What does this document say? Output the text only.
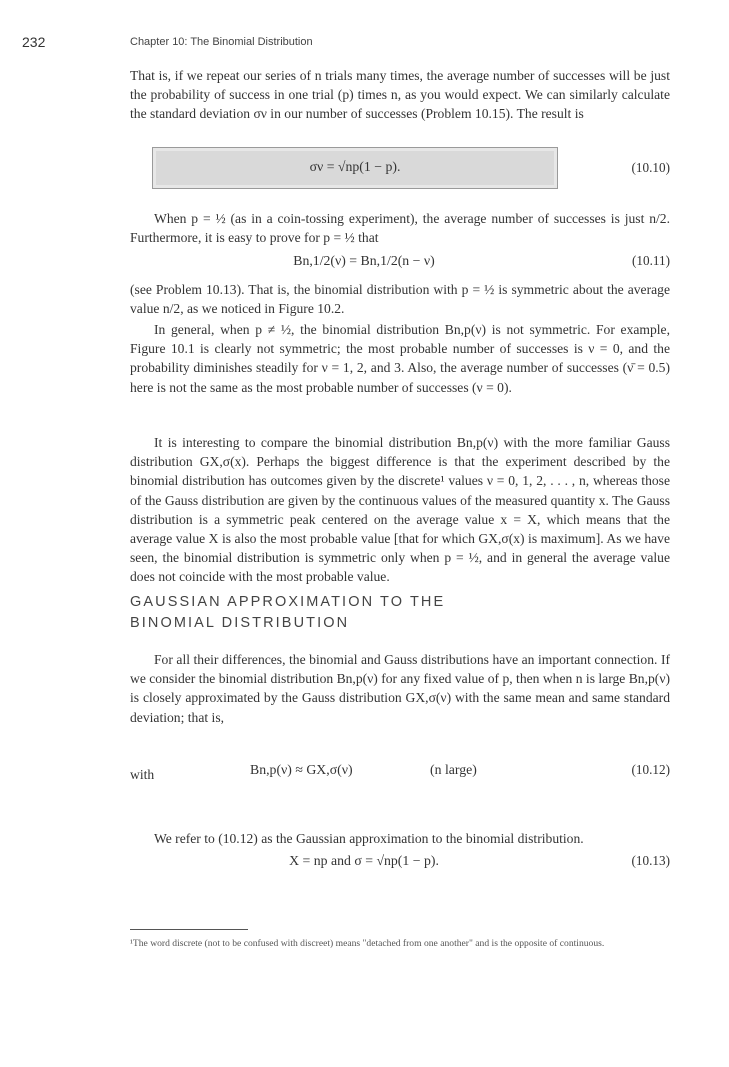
232	Chapter 10: The Binomial Distribution

That is, if we repeat our series of n trials many times, the average number of successes will be just the probability of success in one trial (p) times n, as you would expect. We can similarly calculate the standard deviation σν in our number of successes (Problem 10.15). The result is

σν = √np(1 − p).	(10.10)

When p = ½ (as in a coin-tossing experiment), the average number of successes is just n/2. Furthermore, it is easy to prove for p = ½ that

Bn,1/2(ν) = Bn,1/2(n − ν)	(10.11)

(see Problem 10.13). That is, the binomial distribution with p = ½ is symmetric about the average value n/2, as we noticed in Figure 10.2.

In general, when p ≠ ½, the binomial distribution Bn,p(ν) is not symmetric. For example, Figure 10.1 is clearly not symmetric; the most probable number of successes is ν = 0, and the probability diminishes steadily for ν = 1, 2, and 3. Also, the average number of successes (ν̄ = 0.5) here is not the same as the most probable number of successes (ν = 0).

It is interesting to compare the binomial distribution Bn,p(ν) with the more familiar Gauss distribution GX,σ(x). Perhaps the biggest difference is that the experiment described by the binomial distribution has outcomes given by the discrete¹ values ν = 0, 1, 2, . . . , n, whereas those of the Gauss distribution are given by the continuous values of the measured quantity x. The Gauss distribution is a symmetric peak centered on the average value x = X, which means that the average value X is also the most probable value [that for which GX,σ(x) is maximum]. As we have seen, the binomial distribution is symmetric only when p = ½, and in general the average value does not coincide with the most probable value.

GAUSSIAN APPROXIMATION TO THE
BINOMIAL DISTRIBUTION

For all their differences, the binomial and Gauss distributions have an important connection. If we consider the binomial distribution Bn,p(ν) for any fixed value of p, then when n is large Bn,p(ν) is closely approximated by the Gauss distribution GX,σ(ν) with the same mean and same standard deviation; that is,

Bn,p(ν) ≈ GX,σ(ν)	(n large)	(10.12)
with
X = np and σ = √np(1 − p).	(10.13)

We refer to (10.12) as the Gaussian approximation to the binomial distribution.

¹The word discrete (not to be confused with discreet) means "detached from one another" and is the opposite of continuous.
